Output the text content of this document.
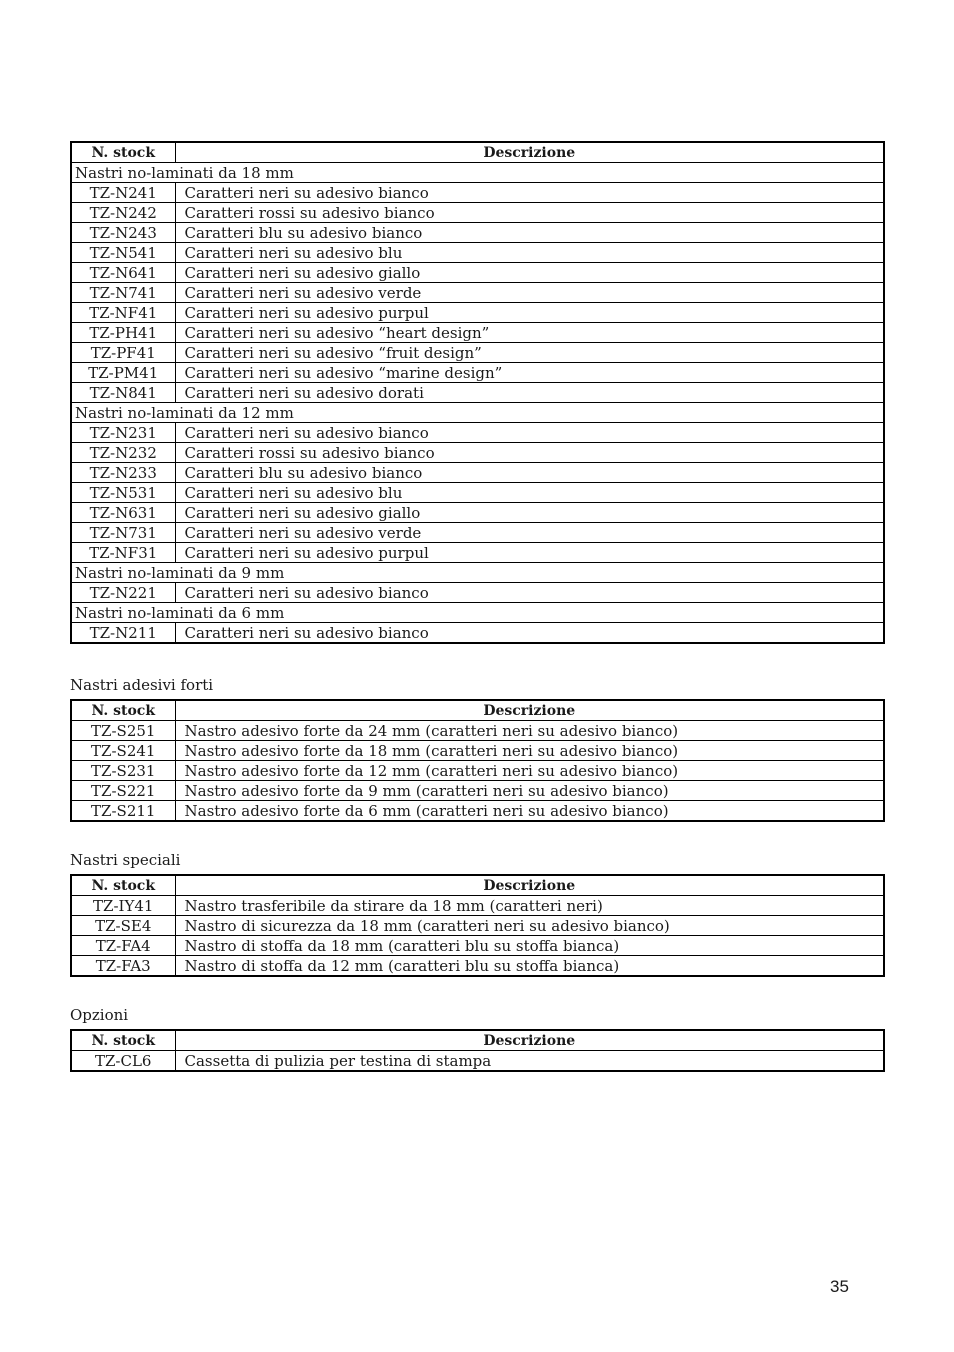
N. stock	Descrizione
Nastri no-laminati da 18 mm	
TZ-N241	Caratteri neri su adesivo bianco
TZ-N242	Caratteri rossi su adesivo bianco
TZ-N243	Caratteri blu su adesivo bianco
TZ-N541	Caratteri neri su adesivo blu
TZ-N641	Caratteri neri su adesivo giallo
TZ-N741	Caratteri neri su adesivo verde
TZ-NF41	Caratteri neri su adesivo purpul
TZ-PH41	Caratteri neri su adesivo “heart design”
TZ-PF41	Caratteri neri su adesivo “fruit design”
TZ-PM41	Caratteri neri su adesivo “marine design”
TZ-N841	Caratteri neri su adesivo dorati
Nastri no-laminati da 12 mm	
TZ-N231	Caratteri neri su adesivo bianco
TZ-N232	Caratteri rossi su adesivo bianco
TZ-N233	Caratteri blu su adesivo bianco
TZ-N531	Caratteri neri su adesivo blu
TZ-N631	Caratteri neri su adesivo giallo
TZ-N731	Caratteri neri su adesivo verde
TZ-NF31	Caratteri neri su adesivo purpul
Nastri no-laminati da 9 mm	
TZ-N221	Caratteri neri su adesivo bianco
Nastri no-laminati da 6 mm	
TZ-N211	Caratteri neri su adesivo bianco
Nastri adesivi forti
N. stock	Descrizione
TZ-S251	Nastro adesivo forte da 24 mm (caratteri neri su adesivo bianco)
TZ-S241	Nastro adesivo forte da 18 mm (caratteri neri su adesivo bianco)
TZ-S231	Nastro adesivo forte da 12 mm (caratteri neri su adesivo bianco)
TZ-S221	Nastro adesivo forte da 9 mm (caratteri neri su adesivo bianco)
TZ-S211	Nastro adesivo forte da 6 mm (caratteri neri su adesivo bianco)
Nastri speciali
N. stock	Descrizione
TZ-IY41	Nastro trasferibile da stirare da 18 mm (caratteri neri)
TZ-SE4	Nastro di sicurezza da 18 mm (caratteri neri su adesivo bianco)
TZ-FA4	Nastro di stoffa da 18 mm (caratteri blu su stoffa bianca)
TZ-FA3	Nastro di stoffa da 12 mm (caratteri blu su stoffa bianca)
Opzioni
N. stock	Descrizione
TZ-CL6	Cassetta di pulizia per testina di stampa
35
